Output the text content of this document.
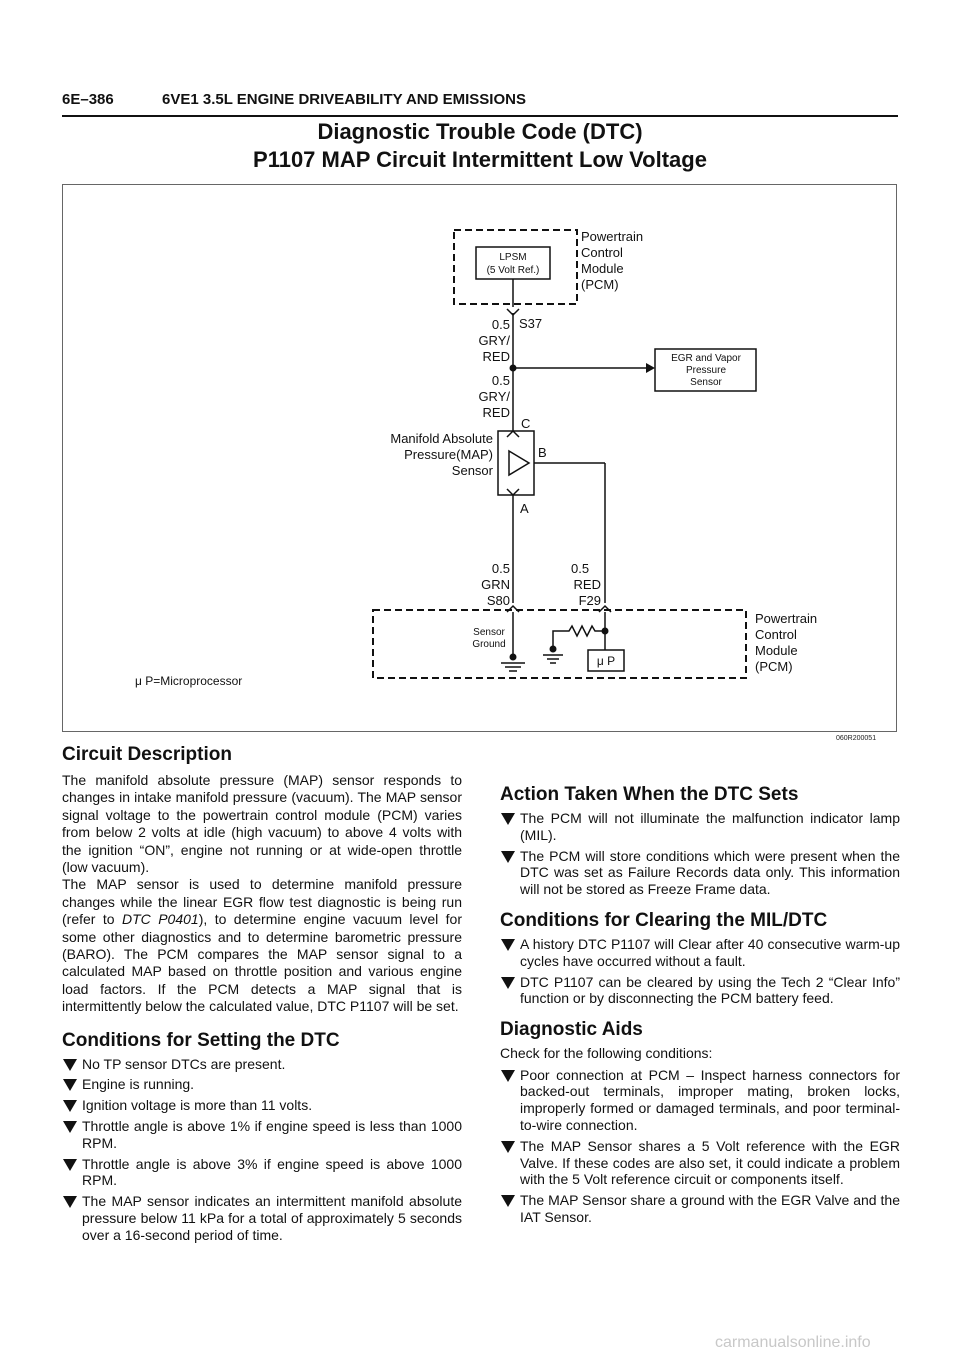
6E–386	6VE1 3.5L ENGINE DRIVEABILITY AND EMISSIONS
Diagnostic Trouble Code (DTC)
P1107 MAP Circuit Intermittent Low Voltage
LPSM
(5 Volt Ref.)
Powertrain
Control
Module
(PCM)
S37
0.5
GRY/
RED	EGR and Vapor
Pressure
Sensor
0.5
GRY/
RED
C
B
A
Manifold Absolute
Pressure(MAP)
Sensor
0.5
GRN
S80
0.5
RED
F29
Sensor
Ground
μ P
Powertrain
Control
Module
(PCM)
μ P=Microprocessor
060R200051
Circuit Description

The manifold absolute pressure (MAP) sensor responds to changes in intake manifold pressure (vacuum). The MAP sensor signal voltage to the powertrain control module (PCM) varies from below 2 volts at idle (high vacuum) to above 4 volts with the ignition “ON”, engine not running or at wide-open throttle (low vacuum).

The MAP sensor is used to determine manifold pressure changes while the linear EGR flow test diagnostic is being run (refer to DTC P0401), to determine engine vacuum level for some other diagnostics and to determine barometric pressure (BARO). The PCM compares the MAP sensor signal to a calculated MAP based on throttle position and various engine load factors. If the PCM detects a MAP signal that is intermittently below the calculated value, DTC P1107 will be set.

Conditions for Setting the DTC
No TP sensor DTCs are present.
Engine is running.
Ignition voltage is more than 11 volts.
Throttle angle is above 1% if engine speed is less than 1000 RPM.
Throttle angle is above 3% if engine speed is above 1000 RPM.
The MAP sensor indicates an intermittent manifold absolute pressure below 11 kPa for a total of approximately 5 seconds over a 16-second period of time.
Action Taken When the DTC Sets
The PCM will not illuminate the malfunction indicator lamp (MIL).
The PCM will store conditions which were present when the DTC was set as Failure Records data only. This information will not be stored as Freeze Frame data.
Conditions for Clearing the MIL/DTC
A history DTC P1107 will Clear after 40 consecutive warm-up cycles have occurred without a fault.
DTC P1107 can be cleared by using the Tech 2 “Clear Info” function or by disconnecting the PCM battery feed.
Diagnostic Aids

Check for the following conditions:

Poor connection at PCM – Inspect harness connectors for backed-out terminals, improper mating, broken locks, improperly formed or damaged terminals, and poor terminal-to-wire connection.
The MAP Sensor shares a 5 Volt reference with the EGR Valve. If these codes are also set, it could indicate a problem with the 5 Volt reference circuit or components itself.
The MAP Sensor share a ground with the EGR Valve and the IAT Sensor.
carmanualsonline.info
